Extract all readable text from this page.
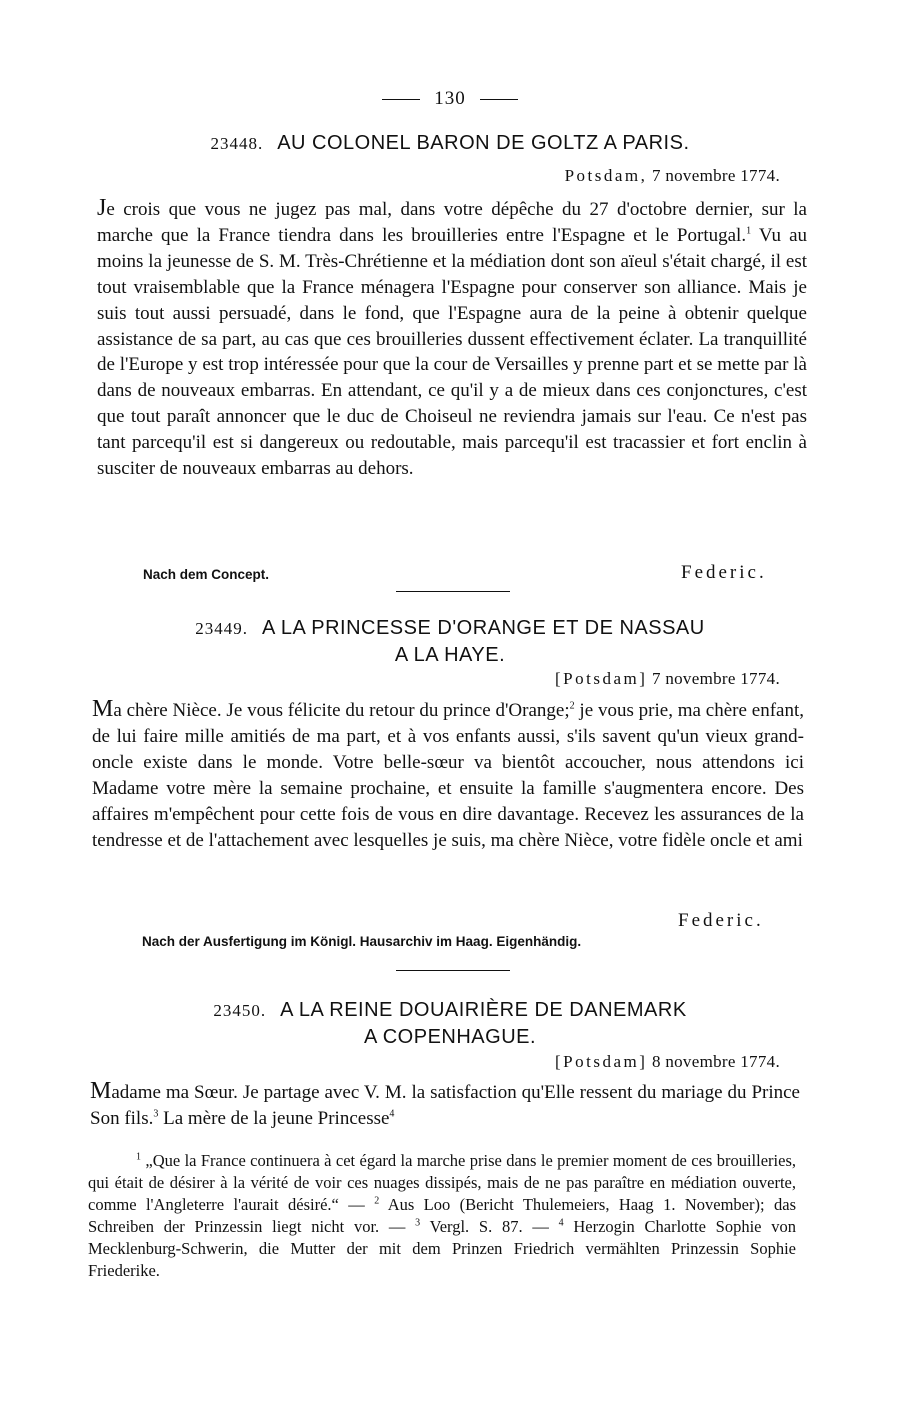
130
23448. AU COLONEL BARON DE GOLTZ A PARIS.
Potsdam, 7 novembre 1774.
Je crois que vous ne jugez pas mal, dans votre dépêche du 27 d'octobre dernier, sur la marche que la France tiendra dans les brouilleries entre l'Espagne et le Portugal.$^1$ Vu au moins la jeunesse de S. M. Très-Chrétienne et la médiation dont son aïeul s'était chargé, il est tout vraisemblable que la France ménagera l'Espagne pour conserver son alliance. Mais je suis tout aussi persuadé, dans le fond, que l'Espagne aura de la peine à obtenir quelque assistance de sa part, au cas que ces brouilleries dussent effectivement éclater. La tranquillité de l'Europe y est trop intéressée pour que la cour de Versailles y prenne part et se mette par là dans de nouveaux embarras. En attendant, ce qu'il y a de mieux dans ces conjonctures, c'est que tout paraît annoncer que le duc de Choiseul ne reviendra jamais sur l'eau. Ce n'est pas tant parcequ'il est si dangereux ou redoutable, mais parcequ'il est tracassier et fort enclin à susciter de nouveaux embarras au dehors.
Nach dem Concept.	Federic.
23449. A LA PRINCESSE D'ORANGE ET DE NASSAU
A LA HAYE.
[Potsdam] 7 novembre 1774.
Ma chère Nièce. Je vous félicite du retour du prince d'Orange;$^2$ je vous prie, ma chère enfant, de lui faire mille amitiés de ma part, et à vos enfants aussi, s'ils savent qu'un vieux grand-oncle existe dans le monde. Votre belle-sœur va bientôt accoucher, nous attendons ici Madame votre mère la semaine prochaine, et ensuite la famille s'augmentera encore. Des affaires m'empêchent pour cette fois de vous en dire davantage. Recevez les assurances de la tendresse et de l'attachement avec lesquelles je suis, ma chère Nièce, votre fidèle oncle et ami
Federic.
Nach der Ausfertigung im Königl. Hausarchiv im Haag. Eigenhändig.
23450. A LA REINE DOUAIRIÈRE DE DANEMARK
A COPENHAGUE.
[Potsdam] 8 novembre 1774.
Madame ma Sœur. Je partage avec V. M. la satisfaction qu'Elle ressent du mariage du Prince Son fils.$^3$ La mère de la jeune Princesse$^4$
$^1$ „Que la France continuera à cet égard la marche prise dans le premier moment de ces brouilleries, qui était de désirer à la vérité de voir ces nuages dissipés, mais de ne pas paraître en médiation ouverte, comme l'Angleterre l'aurait désiré.“ — $^2$ Aus Loo (Bericht Thulemeiers, Haag 1. November); das Schreiben der Prinzessin liegt nicht vor. — $^3$ Vergl. S. 87. — $^4$ Herzogin Charlotte Sophie von Mecklenburg-Schwerin, die Mutter der mit dem Prinzen Friedrich vermählten Prinzessin Sophie Friederike.
